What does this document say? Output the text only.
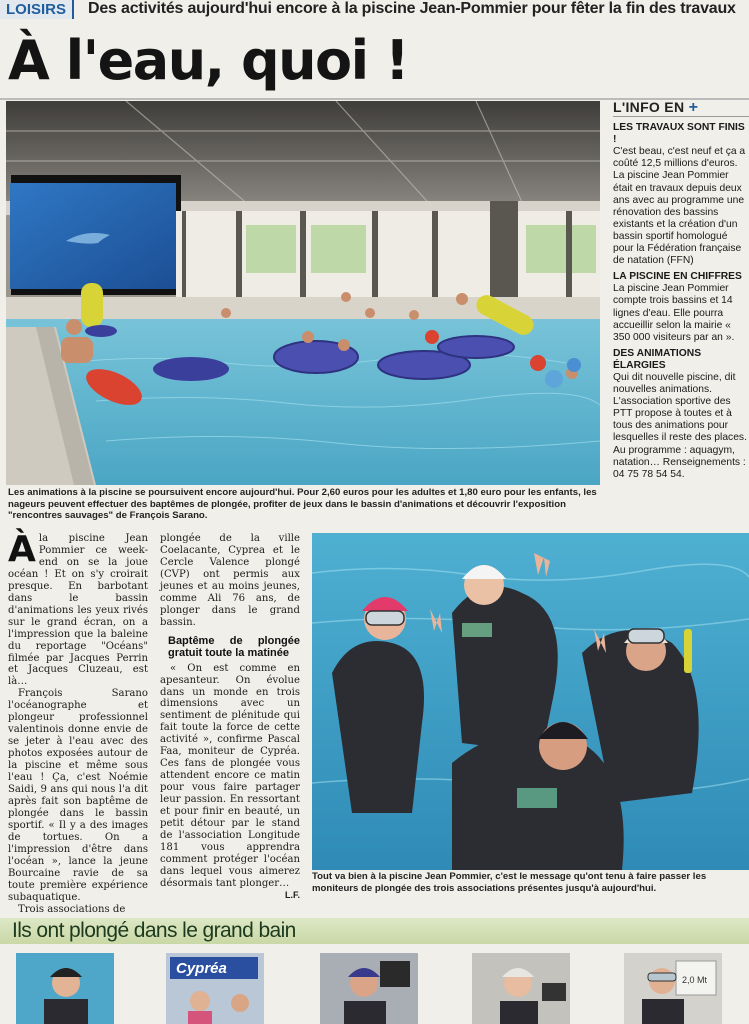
LOISIRS	Des activités aujourd'hui encore à la piscine Jean-Pommier pour fêter la fin des travaux
À l'eau, quoi !
Les animations à la piscine se poursuivent encore aujourd'hui. Pour 2,60 euros pour les adultes et 1,80 euro pour les enfants, les nageurs peuvent effectuer des baptêmes de plongée, profiter de jeux dans le bassin d'animations et découvrir l'exposition "rencontres sauvages" de François Sarano.
L'INFO EN +
LES TRAVAUX SONT FINIS !

C'est beau, c'est neuf et ça a coûté 12,5 millions d'euros. La piscine Jean Pommier était en travaux depuis deux ans avec au programme une rénovation des bassins existants et la création d'un bassin sportif homologué pour la Fédération française de natation (FFN)

LA PISCINE EN CHIFFRES

La piscine Jean Pommier compte trois bassins et 14 lignes d'eau. Elle pourra accueillir selon la mairie « 350 000 visiteurs par an ».

DES ANIMATIONS ÉLARGIES

Qui dit nouvelle piscine, dit nouvelles animations. L'association sportive des PTT propose à toutes et à tous des animations pour lesquelles il reste des places. Au programme : aquagym, natation… Renseignements : 04 75 78 54 54.

À la piscine Jean Pommier ce week-end on se la joue océan ! Et on s'y croirait presque. En barbotant dans le bassin d'animations les yeux rivés sur le grand écran, on a l'impression que la baleine du reportage "Océans" filmée par Jacques Perrin et Jacques Cluzeau, est là…

François Sarano l'océanographe et plongeur professionnel valentinois donne envie de se jeter à l'eau avec des photos exposées autour de la piscine et même sous l'eau ! Ça, c'est Noémie Saidi, 9 ans qui nous l'a dit après fait son baptême de plongée dans le bassin sportif. « Il y a des images de tortues. On a l'impression d'être dans l'océan », lance la jeune Bourcaine ravie de sa toute première expérience subaquatique.

Trois associations de

plongée de la ville Coelacante, Cyprea et le Cercle Valence plongé (CVP) ont permis aux jeunes et au moins jeunes, comme Ali 76 ans, de plonger dans le grand bassin.

Baptême de plongée gratuit toute la matinée

« On est comme en apesanteur. On évolue dans un monde en trois dimensions avec un sentiment de plénitude qui fait toute la force de cette activité », confirme Pascal Faa, moniteur de Cypréa. Ces fans de plongée vous attendent encore ce matin pour vous faire partager leur passion. En ressortant et pour finir en beauté, un petit détour par le stand de l'association Longitude 181 vous apprendra comment protéger l'océan dans lequel vous aimerez désormais tant plonger…

L.F.
Tout va bien à la piscine Jean Pommier, c'est le message qu'ont tenu à faire passer les moniteurs de plongée des trois associations présentes jusqu'à aujourd'hui.
Ils ont plongé dans le grand bain
Cypréa
2,0 Mt
